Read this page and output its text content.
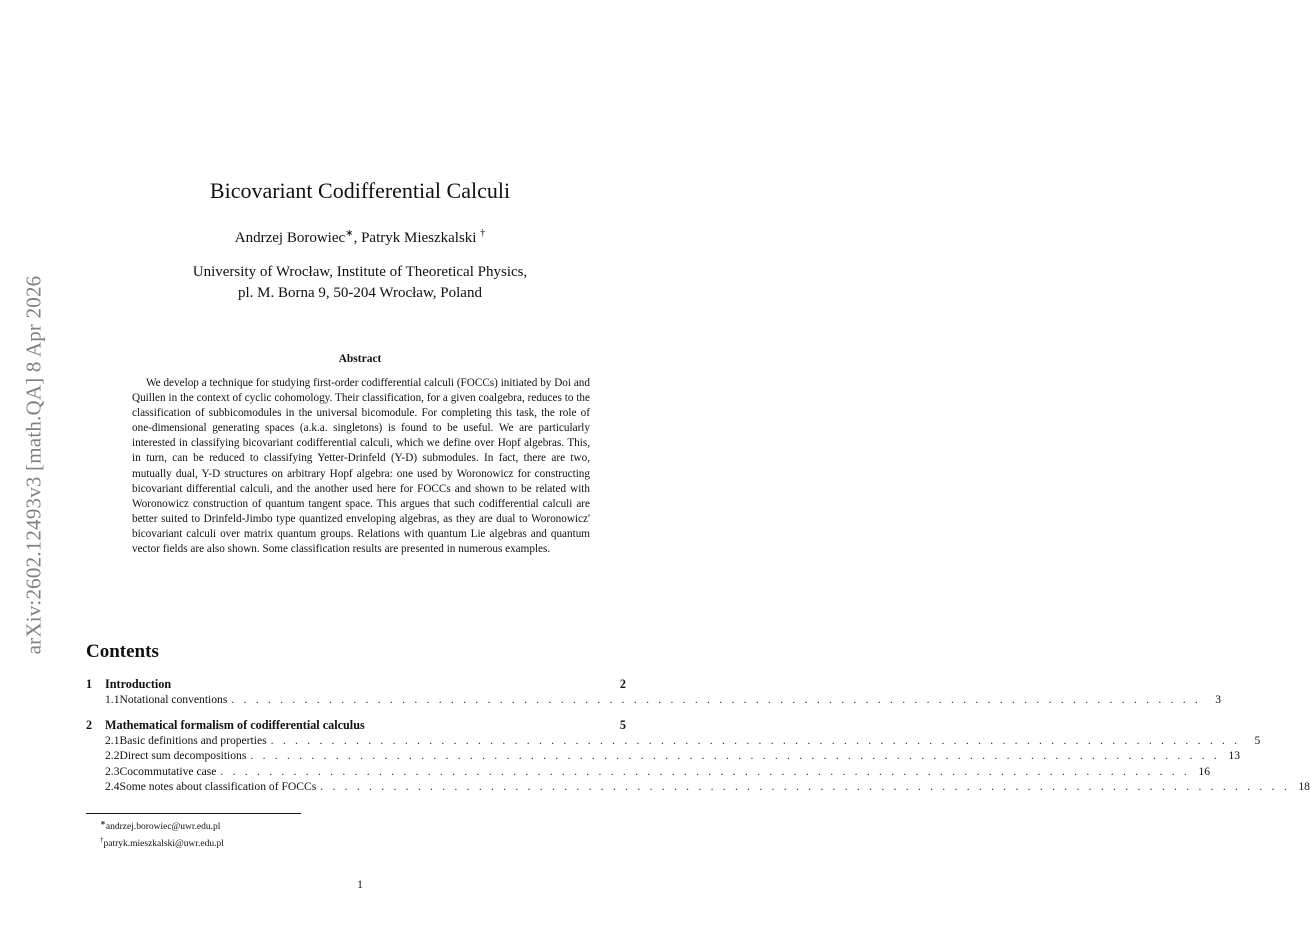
arXiv:2602.12493v3 [math.QA] 8 Apr 2026
Bicovariant Codifferential Calculi
Andrzej Borowiec∗, Patryk Mieszkalski †
University of Wrocław, Institute of Theoretical Physics,
pl. M. Borna 9, 50-204 Wrocław, Poland
Abstract

We develop a technique for studying first-order codifferential calculi (FOCCs) initiated by Doi and Quillen in the context of cyclic cohomology. Their classification, for a given coalgebra, reduces to the classification of subbicomodules in the universal bicomodule. For completing this task, the role of one-dimensional generating spaces (a.k.a. singletons) is found to be useful. We are particularly interested in classifying bicovariant codifferential calculi, which we define over Hopf algebras. This, in turn, can be reduced to classifying Yetter-Drinfeld (Y-D) submodules. In fact, there are two, mutually dual, Y-D structures on arbitrary Hopf algebra: one used by Woronowicz for constructing bicovariant differential calculi, and the another used here for FOCCs and shown to be related with Woronowicz construction of quantum tangent space. This argues that such codifferential calculi are better suited to Drinfeld-Jimbo type quantized enveloping algebras, as they are dual to Woronowicz' bicovariant calculi over matrix quantum groups. Relations with quantum Lie algebras and quantum vector fields are also shown. Some classification results are presented in numerous examples.

Contents
1	Introduction	2
1.1 Notational conventions . . . . . . . . . . . . . . . . . . . . . . . . . . . . . . . . . . . . . . . . . . . . . . . . . . . . . . . . . . . . . . . . . . . . . . . . . . . . . . . .	3
2	Mathematical formalism of codifferential calculus	5
2.1 Basic definitions and properties . . . . . . . . . . . . . . . . . . . . . . . . . . . . . . . . . . . . . . . . . . . . . . . . . . . . . . . . . . . . . . . . . . . . . . . . . . . . . . . .	5
2.2 Direct sum decompositions . . . . . . . . . . . . . . . . . . . . . . . . . . . . . . . . . . . . . . . . . . . . . . . . . . . . . . . . . . . . . . . . . . . . . . . . . . . . . . . . 13
2.3 Cocommutative case . . . . . . . . . . . . . . . . . . . . . . . . . . . . . . . . . . . . . . . . . . . . . . . . . . . . . . . . . . . . . . . . . . . . . . . . . . . . . . . . 16
2.4 Some notes about classification of FOCCs . . . . . . . . . . . . . . . . . . . . . . . . . . . . . . . . . . . . . . . . . . . . . . . . . . . . . . . . . . . . . . . . . . . . . . . . . . . . . . . . 18
∗andrzej.borowiec@uwr.edu.pl
†patryk.mieszkalski@uwr.edu.pl
1
